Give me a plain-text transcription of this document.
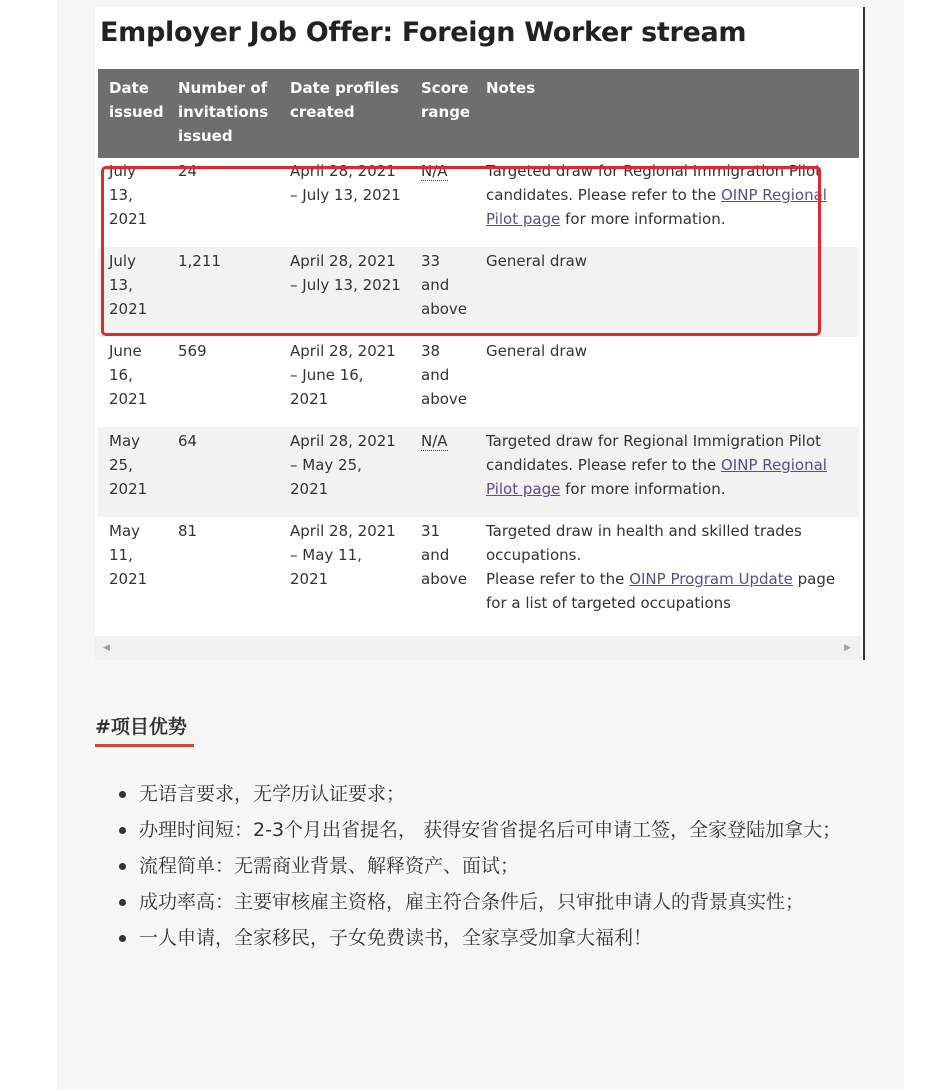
Employer Job Offer: Foreign Worker stream
Date issued	Number of invitations issued	Date profiles created	Score range	Notes
July 13, 2021	24	April 28, 2021 – July 13, 2021	N/A	Targeted draw for Regional Immigration Pilot candidates. Please refer to the OINP Regional Pilot page for more information.
July 13, 2021	1,211	April 28, 2021 – July 13, 2021	33 and above	General draw
June 16, 2021	569	April 28, 2021 – June 16, 2021	38 and above	General draw
May 25, 2021	64	April 28, 2021 – May 25, 2021	N/A	Targeted draw for Regional Immigration Pilot candidates. Please refer to the OINP Regional Pilot page for more information.
May 11, 2021	81	April 28, 2021 – May 11, 2021	31 and above	Targeted draw in health and skilled trades occupations.
Please refer to the OINP Program Update page for a list of targeted occupations
◀	▶
#项目优势
无语言要求，无学历认证要求；
办理时间短：2-3个月出省提名， 获得安省省提名后可申请工签，全家登陆加拿大；
流程简单：无需商业背景、解释资产、面试；
成功率高：主要审核雇主资格，雇主符合条件后，只审批申请人的背景真实性；
一人申请，全家移民，子女免费读书，全家享受加拿大福利！
